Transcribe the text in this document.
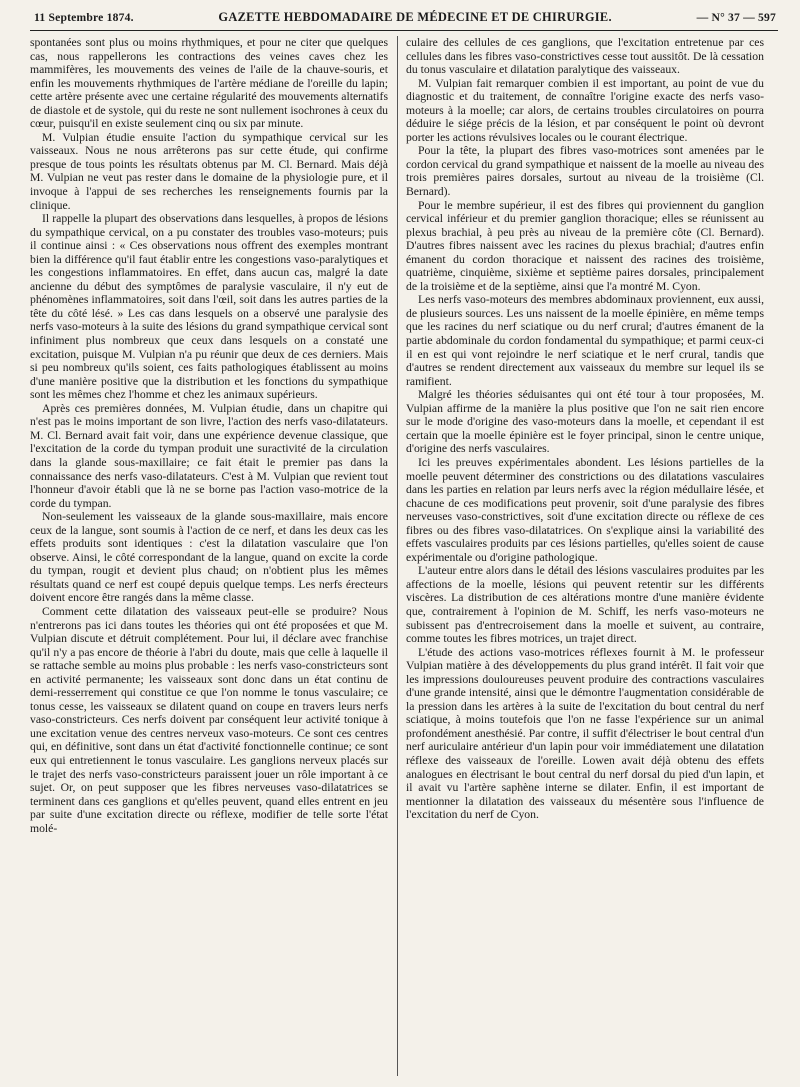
11 Septembre 1874.	GAZETTE HEBDOMADAIRE DE MÉDECINE ET DE CHIRURGIE.	— N° 37 — 597

spontanées sont plus ou moins rhythmiques, et pour ne citer que quelques cas, nous rappellerons les contractions des veines caves chez les mammifères, les mouvements des veines de l'aile de la chauve-souris, et enfin les mouvements rhythmiques de l'artère médiane de l'oreille du lapin; cette artère présente avec une certaine régularité des mouvements alternatifs de diastole et de systole, qui du reste ne sont nullement isochrones à ceux du cœur, puisqu'il en existe seulement cinq ou six par minute.

M. Vulpian étudie ensuite l'action du sympathique cervical sur les vaisseaux. Nous ne nous arrêterons pas sur cette étude, qui confirme presque de tous points les résultats obtenus par M. Cl. Bernard. Mais déjà M. Vulpian ne veut pas rester dans le domaine de la physiologie pure, et il invoque à l'appui de ses recherches les renseignements fournis par la clinique.

Il rappelle la plupart des observations dans lesquelles, à propos de lésions du sympathique cervical, on a pu constater des troubles vaso-moteurs; puis il continue ainsi : « Ces observations nous offrent des exemples montrant bien la différence qu'il faut établir entre les congestions vaso-paralytiques et les congestions inflammatoires. En effet, dans aucun cas, malgré la date ancienne du début des symptômes de paralysie vasculaire, il n'y eut de phénomènes inflammatoires, soit dans l'œil, soit dans les autres parties de la tête du côté lésé. » Les cas dans lesquels on a observé une paralysie des nerfs vaso-moteurs à la suite des lésions du grand sympathique cervical sont infiniment plus nombreux que ceux dans lesquels on a constaté une excitation, puisque M. Vulpian n'a pu réunir que deux de ces derniers. Mais si peu nombreux qu'ils soient, ces faits pathologiques établissent au moins d'une manière positive que la distribution et les fonctions du sympathique sont les mêmes chez l'homme et chez les animaux supérieurs.

Après ces premières données, M. Vulpian étudie, dans un chapitre qui n'est pas le moins important de son livre, l'action des nerfs vaso-dilatateurs. M. Cl. Bernard avait fait voir, dans une expérience devenue classique, que l'excitation de la corde du tympan produit une suractivité de la circulation dans la glande sous-maxillaire; ce fait était le premier pas dans la connaissance des nerfs vaso-dilatateurs. C'est à M. Vulpian que revient tout l'honneur d'avoir établi que là ne se borne pas l'action vaso-motrice de la corde du tympan.

Non-seulement les vaisseaux de la glande sous-maxillaire, mais encore ceux de la langue, sont soumis à l'action de ce nerf, et dans les deux cas les effets produits sont identiques : c'est la dilatation vasculaire que l'on observe. Ainsi, le côté correspondant de la langue, quand on excite la corde du tympan, rougit et devient plus chaud; on n'obtient plus les mêmes résultats quand ce nerf est coupé depuis quelque temps. Les nerfs érecteurs doivent encore être rangés dans la même classe.

Comment cette dilatation des vaisseaux peut-elle se produire? Nous n'entrerons pas ici dans toutes les théories qui ont été proposées et que M. Vulpian discute et détruit complétement. Pour lui, il déclare avec franchise qu'il n'y a pas encore de théorie à l'abri du doute, mais que celle à laquelle il se rattache semble au moins plus probable : les nerfs vaso-constricteurs sont en activité permanente; les vaisseaux sont donc dans un état continu de demi-resserrement qui constitue ce que l'on nomme le tonus vasculaire; ce tonus cesse, les vaisseaux se dilatent quand on coupe en travers leurs nerfs vaso-constricteurs. Ces nerfs doivent par conséquent leur activité tonique à une excitation venue des centres nerveux vaso-moteurs. Ce sont ces centres qui, en définitive, sont dans un état d'activité fonctionnelle continue; ce sont eux qui entretiennent le tonus vasculaire. Les ganglions nerveux placés sur le trajet des nerfs vaso-constricteurs paraissent jouer un rôle important à ce sujet. Or, on peut supposer que les fibres nerveuses vaso-dilatatrices se terminent dans ces ganglions et qu'elles peuvent, quand elles entrent en jeu par suite d'une excitation directe ou réflexe, modifier de telle sorte l'état molé-

culaire des cellules de ces ganglions, que l'excitation entretenue par ces cellules dans les fibres vaso-constrictives cesse tout aussitôt. De là cessation du tonus vasculaire et dilatation paralytique des vaisseaux.

M. Vulpian fait remarquer combien il est important, au point de vue du diagnostic et du traitement, de connaître l'origine exacte des nerfs vaso-moteurs à la moelle; car alors, de certains troubles circulatoires on pourra déduire le siége précis de la lésion, et par conséquent le point où devront porter les actions révulsives locales ou le courant électrique.

Pour la tête, la plupart des fibres vaso-motrices sont amenées par le cordon cervical du grand sympathique et naissent de la moelle au niveau des trois premières paires dorsales, surtout au niveau de la troisième (Cl. Bernard).

Pour le membre supérieur, il est des fibres qui proviennent du ganglion cervical inférieur et du premier ganglion thoracique; elles se réunissent au plexus brachial, à peu près au niveau de la première côte (Cl. Bernard). D'autres fibres naissent avec les racines du plexus brachial; d'autres enfin émanent du cordon thoracique et naissent des racines des troisième, quatrième, cinquième, sixième et septième paires dorsales, principalement de la troisième et de la septième, ainsi que l'a montré M. Cyon.

Les nerfs vaso-moteurs des membres abdominaux proviennent, eux aussi, de plusieurs sources. Les uns naissent de la moelle épinière, en même temps que les racines du nerf sciatique ou du nerf crural; d'autres émanent de la partie abdominale du cordon fondamental du sympathique; et parmi ceux-ci il en est qui vont rejoindre le nerf sciatique et le nerf crural, tandis que d'autres se rendent directement aux vaisseaux du membre sur lequel ils se ramifient.

Malgré les théories séduisantes qui ont été tour à tour proposées, M. Vulpian affirme de la manière la plus positive que l'on ne sait rien encore sur le mode d'origine des vaso-moteurs dans la moelle, et cependant il est certain que la moelle épinière est le foyer principal, sinon le centre unique, d'origine des nerfs vasculaires.

Ici les preuves expérimentales abondent. Les lésions partielles de la moelle peuvent déterminer des constrictions ou des dilatations vasculaires dans les parties en relation par leurs nerfs avec la région médullaire lésée, et chacune de ces modifications peut provenir, soit d'une paralysie des fibres nerveuses vaso-constrictives, soit d'une excitation directe ou réflexe de ces fibres ou des fibres vaso-dilatatrices. On s'explique ainsi la variabilité des effets vasculaires produits par ces lésions partielles, qu'elles soient de cause expérimentale ou d'origine pathologique.

L'auteur entre alors dans le détail des lésions vasculaires produites par les affections de la moelle, lésions qui peuvent retentir sur les différents viscères. La distribution de ces altérations montre d'une manière évidente que, contrairement à l'opinion de M. Schiff, les nerfs vaso-moteurs ne subissent pas d'entrecroisement dans la moelle et suivent, au contraire, comme toutes les fibres motrices, un trajet direct.

L'étude des actions vaso-motrices réflexes fournit à M. le professeur Vulpian matière à des développements du plus grand intérêt. Il fait voir que les impressions douloureuses peuvent produire des contractions vasculaires d'une grande intensité, ainsi que le démontre l'augmentation considérable de la pression dans les artères à la suite de l'excitation du bout central du nerf sciatique, à moins toutefois que l'on ne fasse l'expérience sur un animal profondément anesthésié. Par contre, il suffit d'électriser le bout central d'un nerf auriculaire antérieur d'un lapin pour voir immédiatement une dilatation réflexe des vaisseaux de l'oreille. Lowen avait déjà obtenu des effets analogues en électrisant le bout central du nerf dorsal du pied d'un lapin, et il avait vu l'artère saphène interne se dilater. Enfin, il est important de mentionner la dilatation des vaisseaux du mésentère sous l'influence de l'excitation du nerf de Cyon.
